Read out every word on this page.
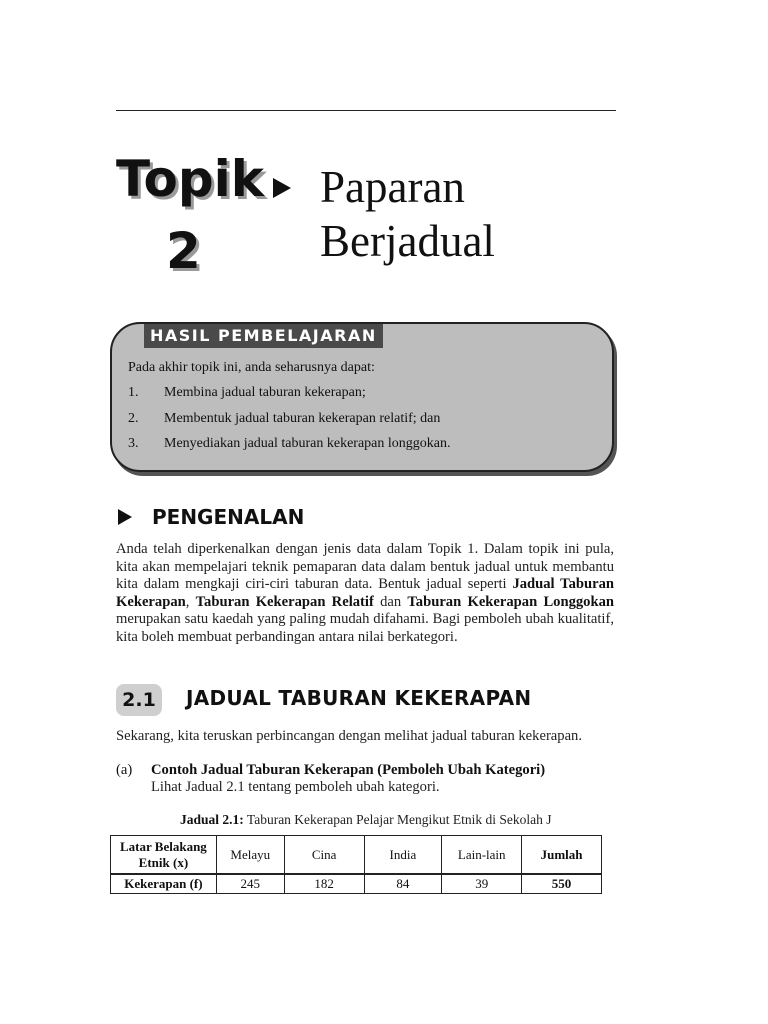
Topik
2
Paparan
Berjadual
HASIL PEMBELAJARAN
Pada akhir topik ini, anda seharusnya dapat:
1. Membina jadual taburan kekerapan;
2. Membentuk jadual taburan kekerapan relatif; dan
3. Menyediakan jadual taburan kekerapan longgokan.
PENGENALAN
Anda telah diperkenalkan dengan jenis data dalam Topik 1. Dalam topik ini pula, kita akan mempelajari teknik pemaparan data dalam bentuk jadual untuk membantu kita dalam mengkaji ciri-ciri taburan data. Bentuk jadual seperti Jadual Taburan Kekerapan, Taburan Kekerapan Relatif dan Taburan Kekerapan Longgokan merupakan satu kaedah yang paling mudah difahami. Bagi pemboleh ubah kualitatif, kita boleh membuat perbandingan antara nilai berkategori.
2.1	JADUAL TABURAN KEKERAPAN
Sekarang, kita teruskan perbincangan dengan melihat jadual taburan kekerapan.
(a) Contoh Jadual Taburan Kekerapan (Pemboleh Ubah Kategori)
Lihat Jadual 2.1 tentang pemboleh ubah kategori.
Jadual 2.1: Taburan Kekerapan Pelajar Mengikut Etnik di Sekolah J
Latar Belakang
Etnik (x)	Melayu	Cina	India	Lain-lain	Jumlah
Kekerapan (f)	245	182	84	39	550
